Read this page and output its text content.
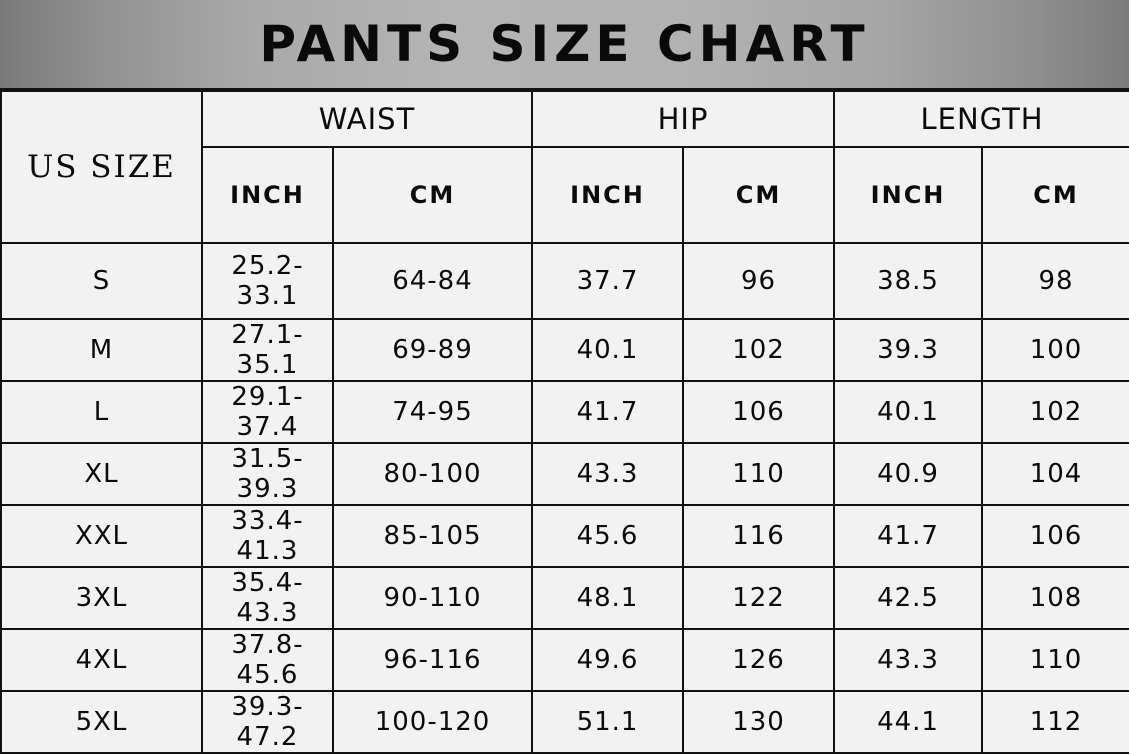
PANTS SIZE CHART
US SIZE	WAIST		HIP		LENGTH	
	INCH	CM	INCH	CM	INCH	CM
S	25.2-33.1	64-84	37.7	96	38.5	98
M	27.1-35.1	69-89	40.1	102	39.3	100
L	29.1-37.4	74-95	41.7	106	40.1	102
XL	31.5-39.3	80-100	43.3	110	40.9	104
XXL	33.4-41.3	85-105	45.6	116	41.7	106
3XL	35.4-43.3	90-110	48.1	122	42.5	108
4XL	37.8-45.6	96-116	49.6	126	43.3	110
5XL	39.3-47.2	100-120	51.1	130	44.1	112
